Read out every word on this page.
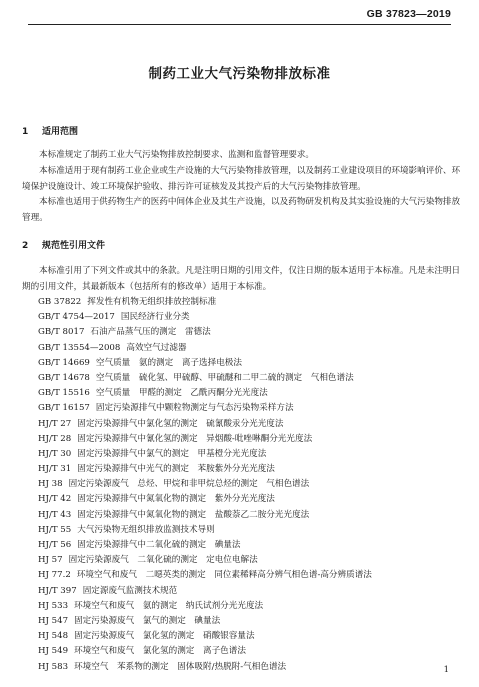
GB 37823—2019
制药工业大气污染物排放标准
1 适用范围

本标准规定了制药工业大气污染物排放控制要求、监测和监督管理要求。

本标准适用于现有制药工业企业或生产设施的大气污染物排放管理，以及制药工业建设项目的环境影响评价、环境保护设施设计、竣工环境保护验收、排污许可证核发及其投产后的大气污染物排放管理。

本标准也适用于供药物生产的医药中间体企业及其生产设施，以及药物研发机构及其实验设施的大气污染物排放管理。

2 规范性引用文件

本标准引用了下列文件或其中的条款。凡是注明日期的引用文件，仅注日期的版本适用于本标准。凡是未注明日期的引用文件，其最新版本（包括所有的修改单）适用于本标准。

GB 37822 挥发性有机物无组织排放控制标准
GB/T 4754—2017 国民经济行业分类
GB/T 8017 石油产品蒸气压的测定　雷德法
GB/T 13554—2008 高效空气过滤器
GB/T 14669 空气质量　氨的测定　离子选择电极法
GB/T 14678 空气质量　硫化氢、甲硫醇、甲硫醚和二甲二硫的测定　气相色谱法
GB/T 15516 空气质量　甲醛的测定　乙酰丙酮分光光度法
GB/T 16157 固定污染源排气中颗粒物测定与气态污染物采样方法
HJ/T 27 固定污染源排气中氯化氢的测定　硫氰酸汞分光光度法
HJ/T 28 固定污染源排气中氰化氢的测定　异烟酸-吡唑啉酮分光光度法
HJ/T 30 固定污染源排气中氯气的测定　甲基橙分光光度法
HJ/T 31 固定污染源排气中光气的测定　苯胺紫外分光光度法
HJ 38 固定污染源废气　总烃、甲烷和非甲烷总烃的测定　气相色谱法
HJ/T 42 固定污染源排气中氮氧化物的测定　紫外分光光度法
HJ/T 43 固定污染源排气中氮氧化物的测定　盐酸萘乙二胺分光光度法
HJ/T 55 大气污染物无组织排放监测技术导则
HJ/T 56 固定污染源排气中二氧化硫的测定　碘量法
HJ 57 固定污染源废气　二氧化硫的测定　定电位电解法
HJ 77.2 环境空气和废气　二噁英类的测定　同位素稀释高分辨气相色谱-高分辨质谱法
HJ/T 397 固定源废气监测技术规范
HJ 533 环境空气和废气　氨的测定　纳氏试剂分光光度法
HJ 547 固定污染源废气　氯气的测定　碘量法
HJ 548 固定污染源废气　氯化氢的测定　硝酸银容量法
HJ 549 环境空气和废气　氯化氢的测定　离子色谱法
HJ 583 环境空气　苯系物的测定　固体吸附/热脱附-气相色谱法	1
